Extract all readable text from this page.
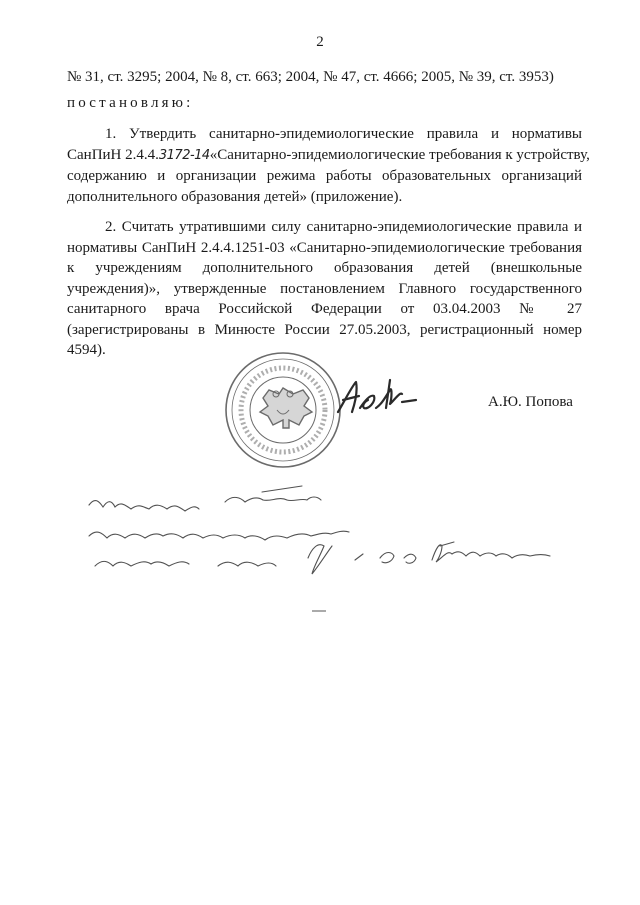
2
№ 31, ст. 3295; 2004, № 8, ст. 663; 2004, № 47, ст. 4666; 2005, № 39, ст. 3953)
постановляю:
1. Утвердить санитарно-эпидемиологические правила и нормативы
СанПиН 2.4.4.3172-14«Санитарно-эпидемиологические требования к устройству,
содержанию и организации режима работы образовательных организаций
дополнительного образования детей» (приложение).
2. Считать утратившими силу санитарно-эпидемиологические правила и
нормативы СанПиН 2.4.4.1251-03 «Санитарно-эпидемиологические требования
к учреждениям дополнительного образования детей (внешкольные
учреждения)», утвержденные постановлением Главного государственного
санитарного врача Российской Федерации от 03.04.2003 № 27
(зарегистрированы в Минюсте России 27.05.2003, регистрационный номер
4594).
А.Ю. Попова
